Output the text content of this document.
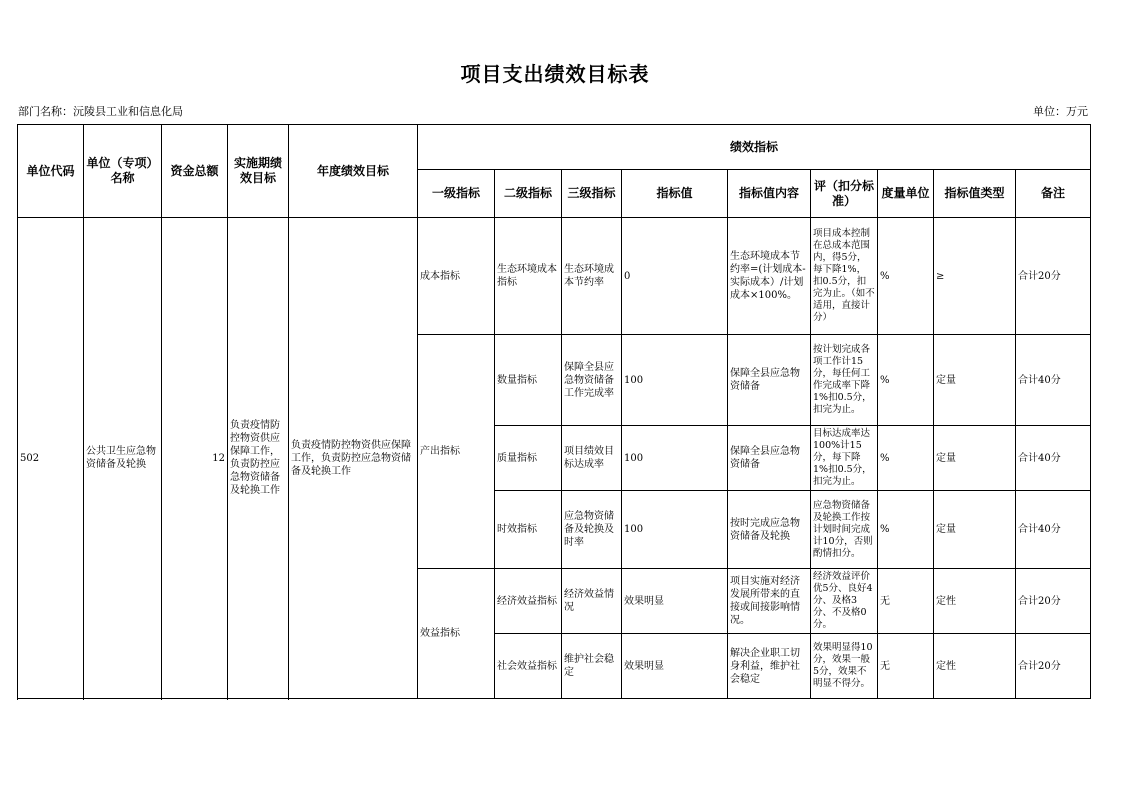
项目支出绩效目标表
部门名称：沅陵县工业和信息化局	单位：万元
单位代码	单位（专项）名称	资金总额	实施期绩效目标	年度绩效目标	绩效指标								
					一级指标	二级指标	三级指标	指标值	指标值内容	评（扣分标准）	度量单位	指标值类型	备注
502	公共卫生应急物资储备及轮换	12	负责疫情防控物资供应保障工作，负责防控应急物资储备及轮换工作	负责疫情防控物资供应保障工作，负责防控应急物资储备及轮换工作	成本指标	生态环境成本指标	生态环境成本节约率	0	生态环境成本节约率=(计划成本-实际成本）/计划成本×100%。	项目成本控制在总成本范围内，得5分，每下降1%，扣0.5分，扣完为止。（如不适用，直接计分）	%	≥	合计20分
					产出指标	数量指标	保障全县应急物资储备工作完成率	100	保障全县应急物资储备	按计划完成各项工作计15分，每任何工作完成率下降1%扣0.5分，扣完为止。	%	定量	合计40分
						质量指标	项目绩效目标达成率	100	保障全县应急物资储备	目标达成率达100%计15分，每下降1%扣0.5分，扣完为止。	%	定量	合计40分
						时效指标	应急物资储备及轮换及时率	100	按时完成应急物资储备及轮换	应急物资储备及轮换工作按计划时间完成计10分，否则酌情扣分。	%	定量	合计40分
					效益指标	经济效益指标	经济效益情况	效果明显	项目实施对经济发展所带来的直接或间接影响情况。	经济效益评价优5分、良好4分、及格3分、不及格0分。	无	定性	合计20分
						社会效益指标	维护社会稳定	效果明显	解决企业职工切身利益，维护社会稳定	效果明显得10分，效果一般5分，效果不明显不得分。	无	定性	合计20分
